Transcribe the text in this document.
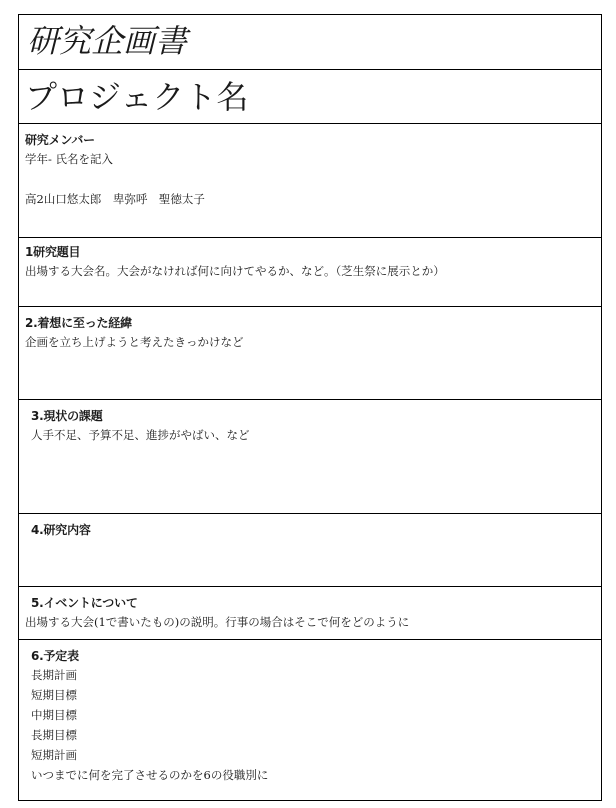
研究企画書
プロジェクト名
研究メンバー
学年- 氏名を記入
高2山口悠太郎　卑弥呼　聖徳太子
1研究題目
出場する大会名。大会がなければ何に向けてやるか、など。（芝生祭に展示とか）
2.着想に至った経緯
企画を立ち上げようと考えたきっかけなど
3.現状の課題
人手不足、予算不足、進捗がやばい、など
4.研究内容
5.イベントについて
出場する大会(1で書いたもの)の説明。行事の場合はそこで何をどのように
6.予定表
長期計画
短期目標
中期目標
長期目標
短期計画
いつまでに何を完了させるのかを6の役職別に
